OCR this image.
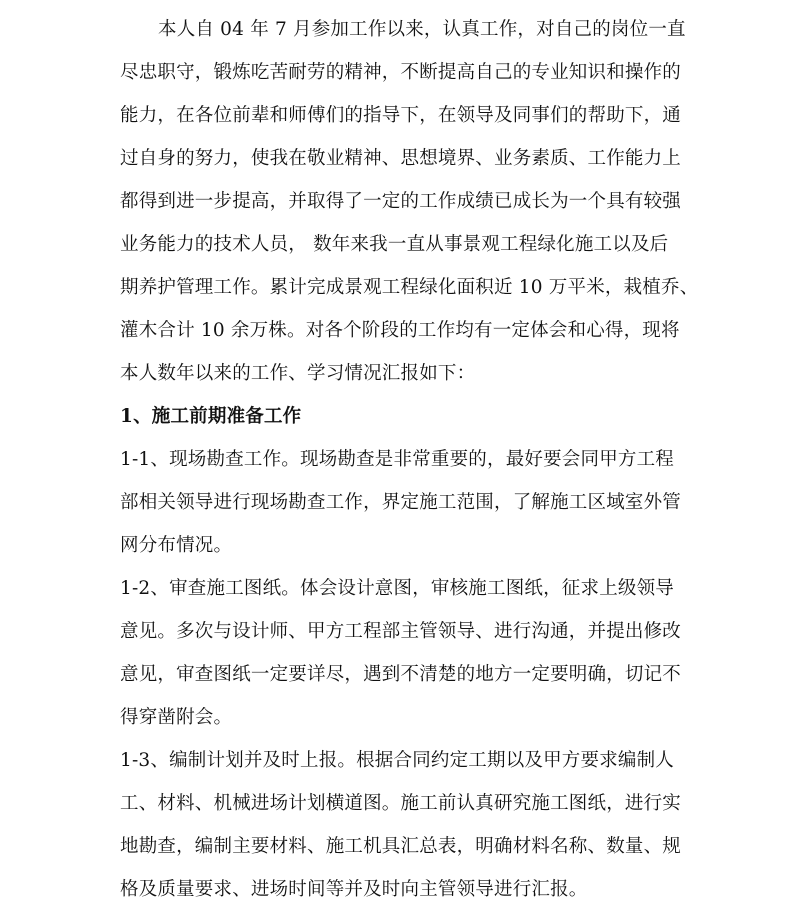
本人自 04 年 7 月参加工作以来，认真工作，对自己的岗位一直
尽忠职守，锻炼吃苦耐劳的精神，不断提高自己的专业知识和操作的
能力，在各位前辈和师傅们的指导下，在领导及同事们的帮助下，通
过自身的努力，使我在敬业精神、思想境界、业务素质、工作能力上
都得到进一步提高，并取得了一定的工作成绩已成长为一个具有较强
业务能力的技术人员， 数年来我一直从事景观工程绿化施工以及后
期养护管理工作。累计完成景观工程绿化面积近 10 万平米，栽植乔、
灌木合计 10 余万株。对各个阶段的工作均有一定体会和心得，现将
本人数年以来的工作、学习情况汇报如下：
1、施工前期准备工作
1-1、现场勘查工作。现场勘查是非常重要的，最好要会同甲方工程
部相关领导进行现场勘查工作，界定施工范围，了解施工区域室外管
网分布情况。
1-2、审查施工图纸。体会设计意图，审核施工图纸，征求上级领导
意见。多次与设计师、甲方工程部主管领导、进行沟通，并提出修改
意见，审查图纸一定要详尽，遇到不清楚的地方一定要明确，切记不
得穿凿附会。
1-3、编制计划并及时上报。根据合同约定工期以及甲方要求编制人
工、材料、机械进场计划横道图。施工前认真研究施工图纸，进行实
地勘查，编制主要材料、施工机具汇总表，明确材料名称、数量、规
格及质量要求、进场时间等并及时向主管领导进行汇报。
